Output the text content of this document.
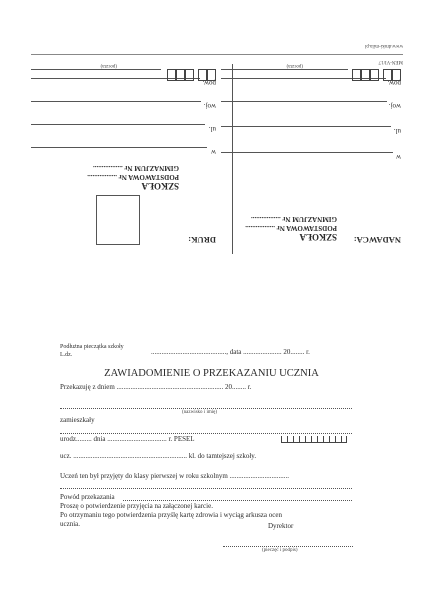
NADAWCA:
SZKOŁA
PODSTAWOWA Nr .................
GIMNAZJUM Nr .................
w
ul.
woj.
pow.
(poczta)
DRUK:
SZKOŁA
PODSTAWOWA Nr .................
GIMNAZJUM Nr .................
w
ul.
woj.
pow.
(poczta)
MEN-VI/17
www.druki-mila.pl
Podłużna pieczątka szkoły
L.dz.	..........................................., data ...................... 20........ r.
ZAWIADOMIENIE O PRZEKAZANIU UCZNIA
Przekazuję z dniem ............................................................. 20........ r.
(nazwisko i imię)
zamieszkały
urodz......... dnia .................................. r. PESEL
ucz. ................................................................. kl. do tamtejszej szkoły.
Uczeń ten był przyjęty do klasy pierwszej w roku szkolnym ..................................
Powód przekazania
Proszę o potwierdzenie przyjęcia na załączonej karcie.
Po otrzymaniu tego potwierdzenia przyślę kartę zdrowia i wyciąg arkusza ocen
ucznia.	Dyrektor
(pieczęć i podpis)
